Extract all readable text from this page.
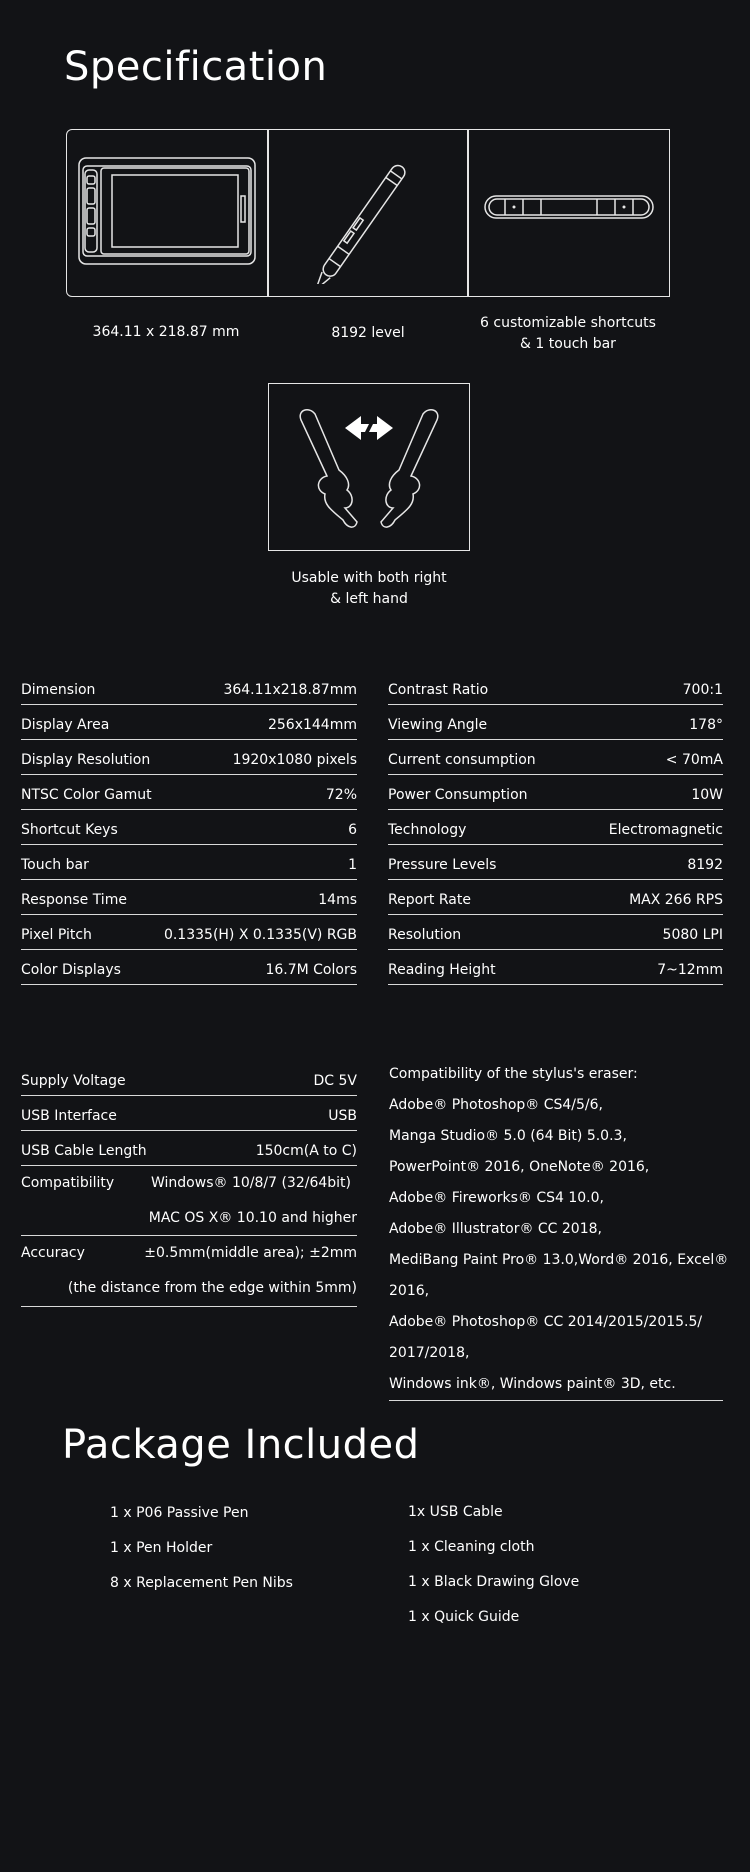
Specification
364.11 x 218.87 mm	8192 level
6 customizable shortcuts
& 1 touch bar
Usable with both right
& left hand
Dimension	364.11x218.87mm
Display Area	256x144mm
Display Resolution	1920x1080 pixels
NTSC Color Gamut	72%
Shortcut Keys	6
Touch bar	1
Response Time	14ms
Pixel Pitch	0.1335(H) X 0.1335(V) RGB
Color Displays	16.7M Colors
Contrast Ratio	700:1
Viewing Angle	178°
Current consumption	< 70mA
Power Consumption	10W
Technology	Electromagnetic
Pressure Levels	8192
Report Rate	MAX 266 RPS
Resolution	5080 LPI
Reading Height	7~12mm
Supply Voltage	DC 5V
USB Interface	USB
USB Cable Length	150cm(A to C)
Compatibility	Windows® 10/8/7 (32/64bit)
MAC OS X® 10.10 and higher
Accuracy	±0.5mm(middle area); ±2mm
(the distance from the edge within 5mm)
Compatibility of the stylus's eraser:
Adobe® Photoshop® CS4/5/6,
Manga Studio® 5.0 (64 Bit) 5.0.3,
PowerPoint® 2016, OneNote® 2016,
Adobe® Fireworks® CS4 10.0,
Adobe® Illustrator® CC 2018,
MediBang Paint Pro® 13.0,Word® 2016, Excel®
2016,
Adobe® Photoshop® CC 2014/2015/2015.5/
2017/2018,
Windows ink®, Windows paint® 3D, etc.
Package Included
1 x P06 Passive Pen
1 x Pen Holder
8 x Replacement Pen Nibs
1x USB Cable
1 x Cleaning cloth
1 x Black Drawing Glove
1 x Quick Guide
